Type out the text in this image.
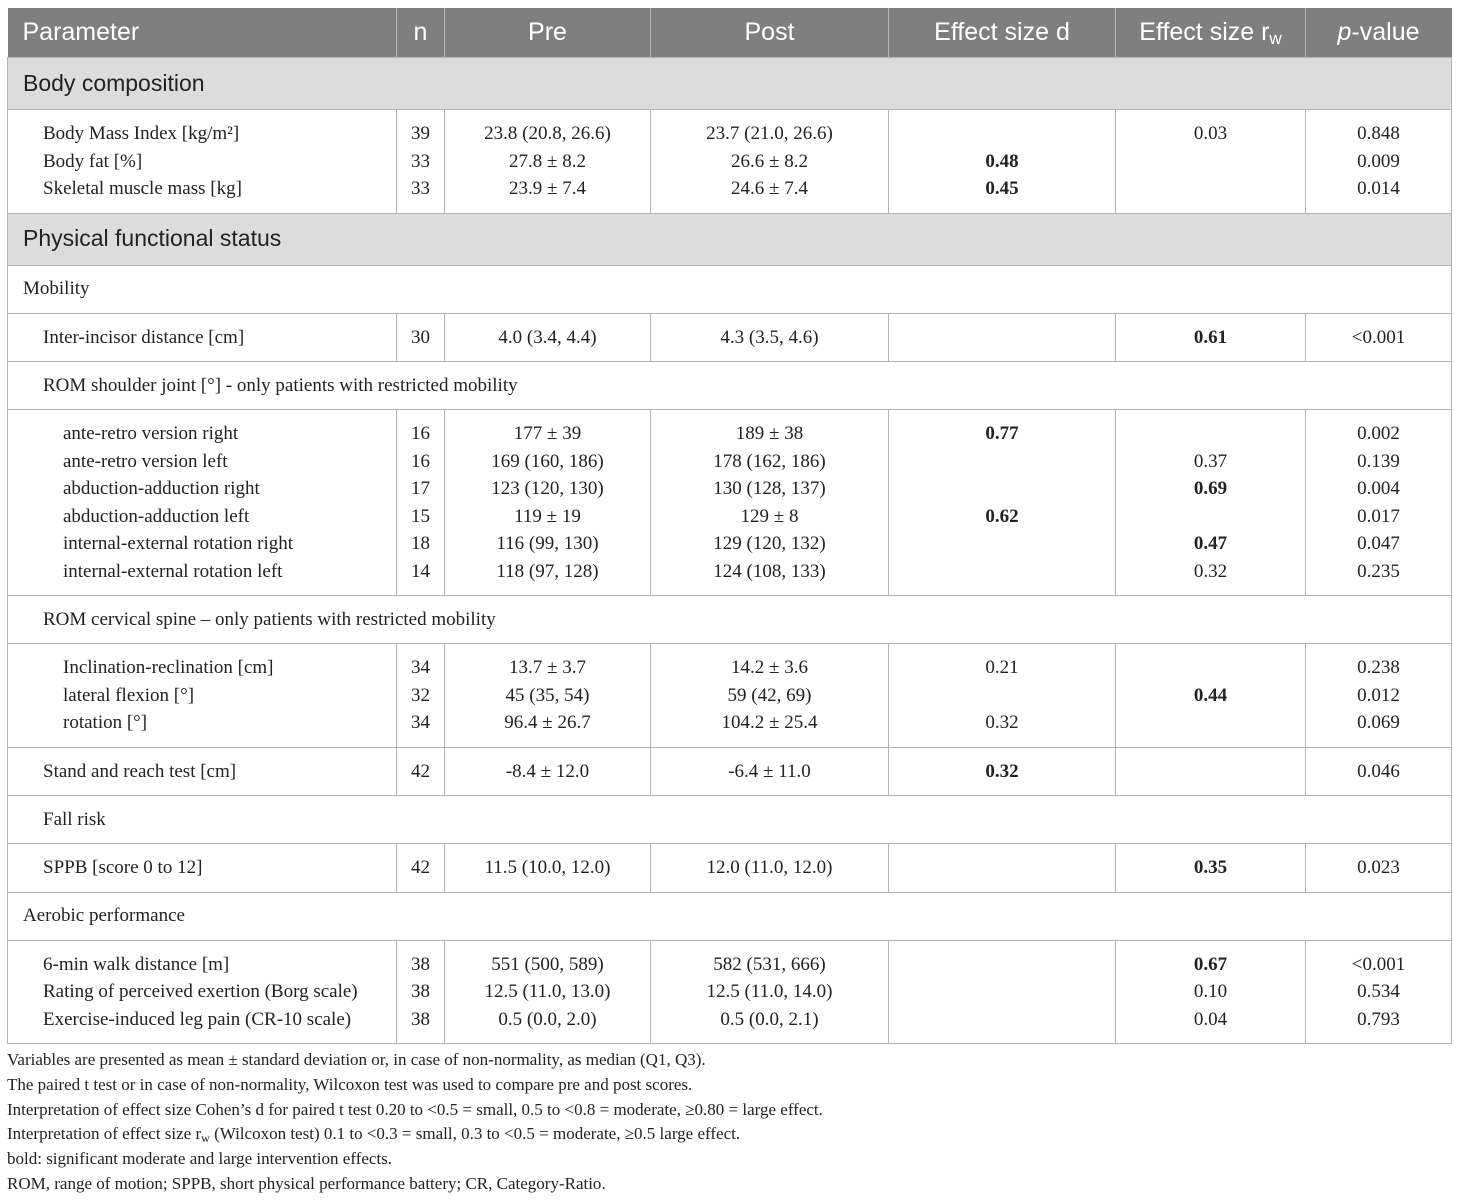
Parameter	n	Pre	Post	Effect size d	Effect size $r_w$	p-value
Body composition						
Body Mass Index [kg/m²]	39	23.8 (20.8, 26.6)	23.7 (21.0, 26.6)		0.03	0.848
Body fat [%]	33	27.8 ± 8.2	26.6 ± 8.2	0.48		0.009
Skeletal muscle mass [kg]	33	23.9 ± 7.4	24.6 ± 7.4	0.45		0.014
Physical functional status						
Mobility						
Inter-incisor distance [cm]	30	4.0 (3.4, 4.4)	4.3 (3.5, 4.6)		0.61	<0.001
ROM shoulder joint [°] - only patients with restricted mobility						
ante-retro version right	16	177 ± 39	189 ± 38	0.77		0.002
ante-retro version left	16	169 (160, 186)	178 (162, 186)		0.37	0.139
abduction-adduction right	17	123 (120, 130)	130 (128, 137)		0.69	0.004
abduction-adduction left	15	119 ± 19	129 ± 8	0.62		0.017
internal-external rotation right	18	116 (99, 130)	129 (120, 132)		0.47	0.047
internal-external rotation left	14	118 (97, 128)	124 (108, 133)		0.32	0.235
ROM cervical spine – only patients with restricted mobility						
Inclination-reclination [cm]	34	13.7 ± 3.7	14.2 ± 3.6	0.21		0.238
lateral flexion [°]	32	45 (35, 54)	59 (42, 69)		0.44	0.012
rotation [°]	34	96.4 ± 26.7	104.2 ± 25.4	0.32		0.069
Stand and reach test [cm]	42	-8.4 ± 12.0	-6.4 ± 11.0	0.32		0.046
Fall risk						
SPPB [score 0 to 12]	42	11.5 (10.0, 12.0)	12.0 (11.0, 12.0)		0.35	0.023
Aerobic performance						
6-min walk distance [m]	38	551 (500, 589)	582 (531, 666)		0.67	<0.001
Rating of perceived exertion (Borg scale)	38	12.5 (11.0, 13.0)	12.5 (11.0, 14.0)		0.10	0.534
Exercise-induced leg pain (CR-10 scale)	38	0.5 (0.0, 2.0)	0.5 (0.0, 2.1)		0.04	0.793
Variables are presented as mean ± standard deviation or, in case of non-normality, as median (Q1, Q3).
The paired t test or in case of non-normality, Wilcoxon test was used to compare pre and post scores.
Interpretation of effect size Cohen’s d for paired t test 0.20 to <0.5 = small, 0.5 to <0.8 = moderate, ≥0.80 = large effect.
Interpretation of effect size $r_w$ (Wilcoxon test) 0.1 to <0.3 = small, 0.3 to <0.5 = moderate, ≥0.5 large effect.
bold: significant moderate and large intervention effects.
ROM, range of motion; SPPB, short physical performance battery; CR, Category-Ratio.
